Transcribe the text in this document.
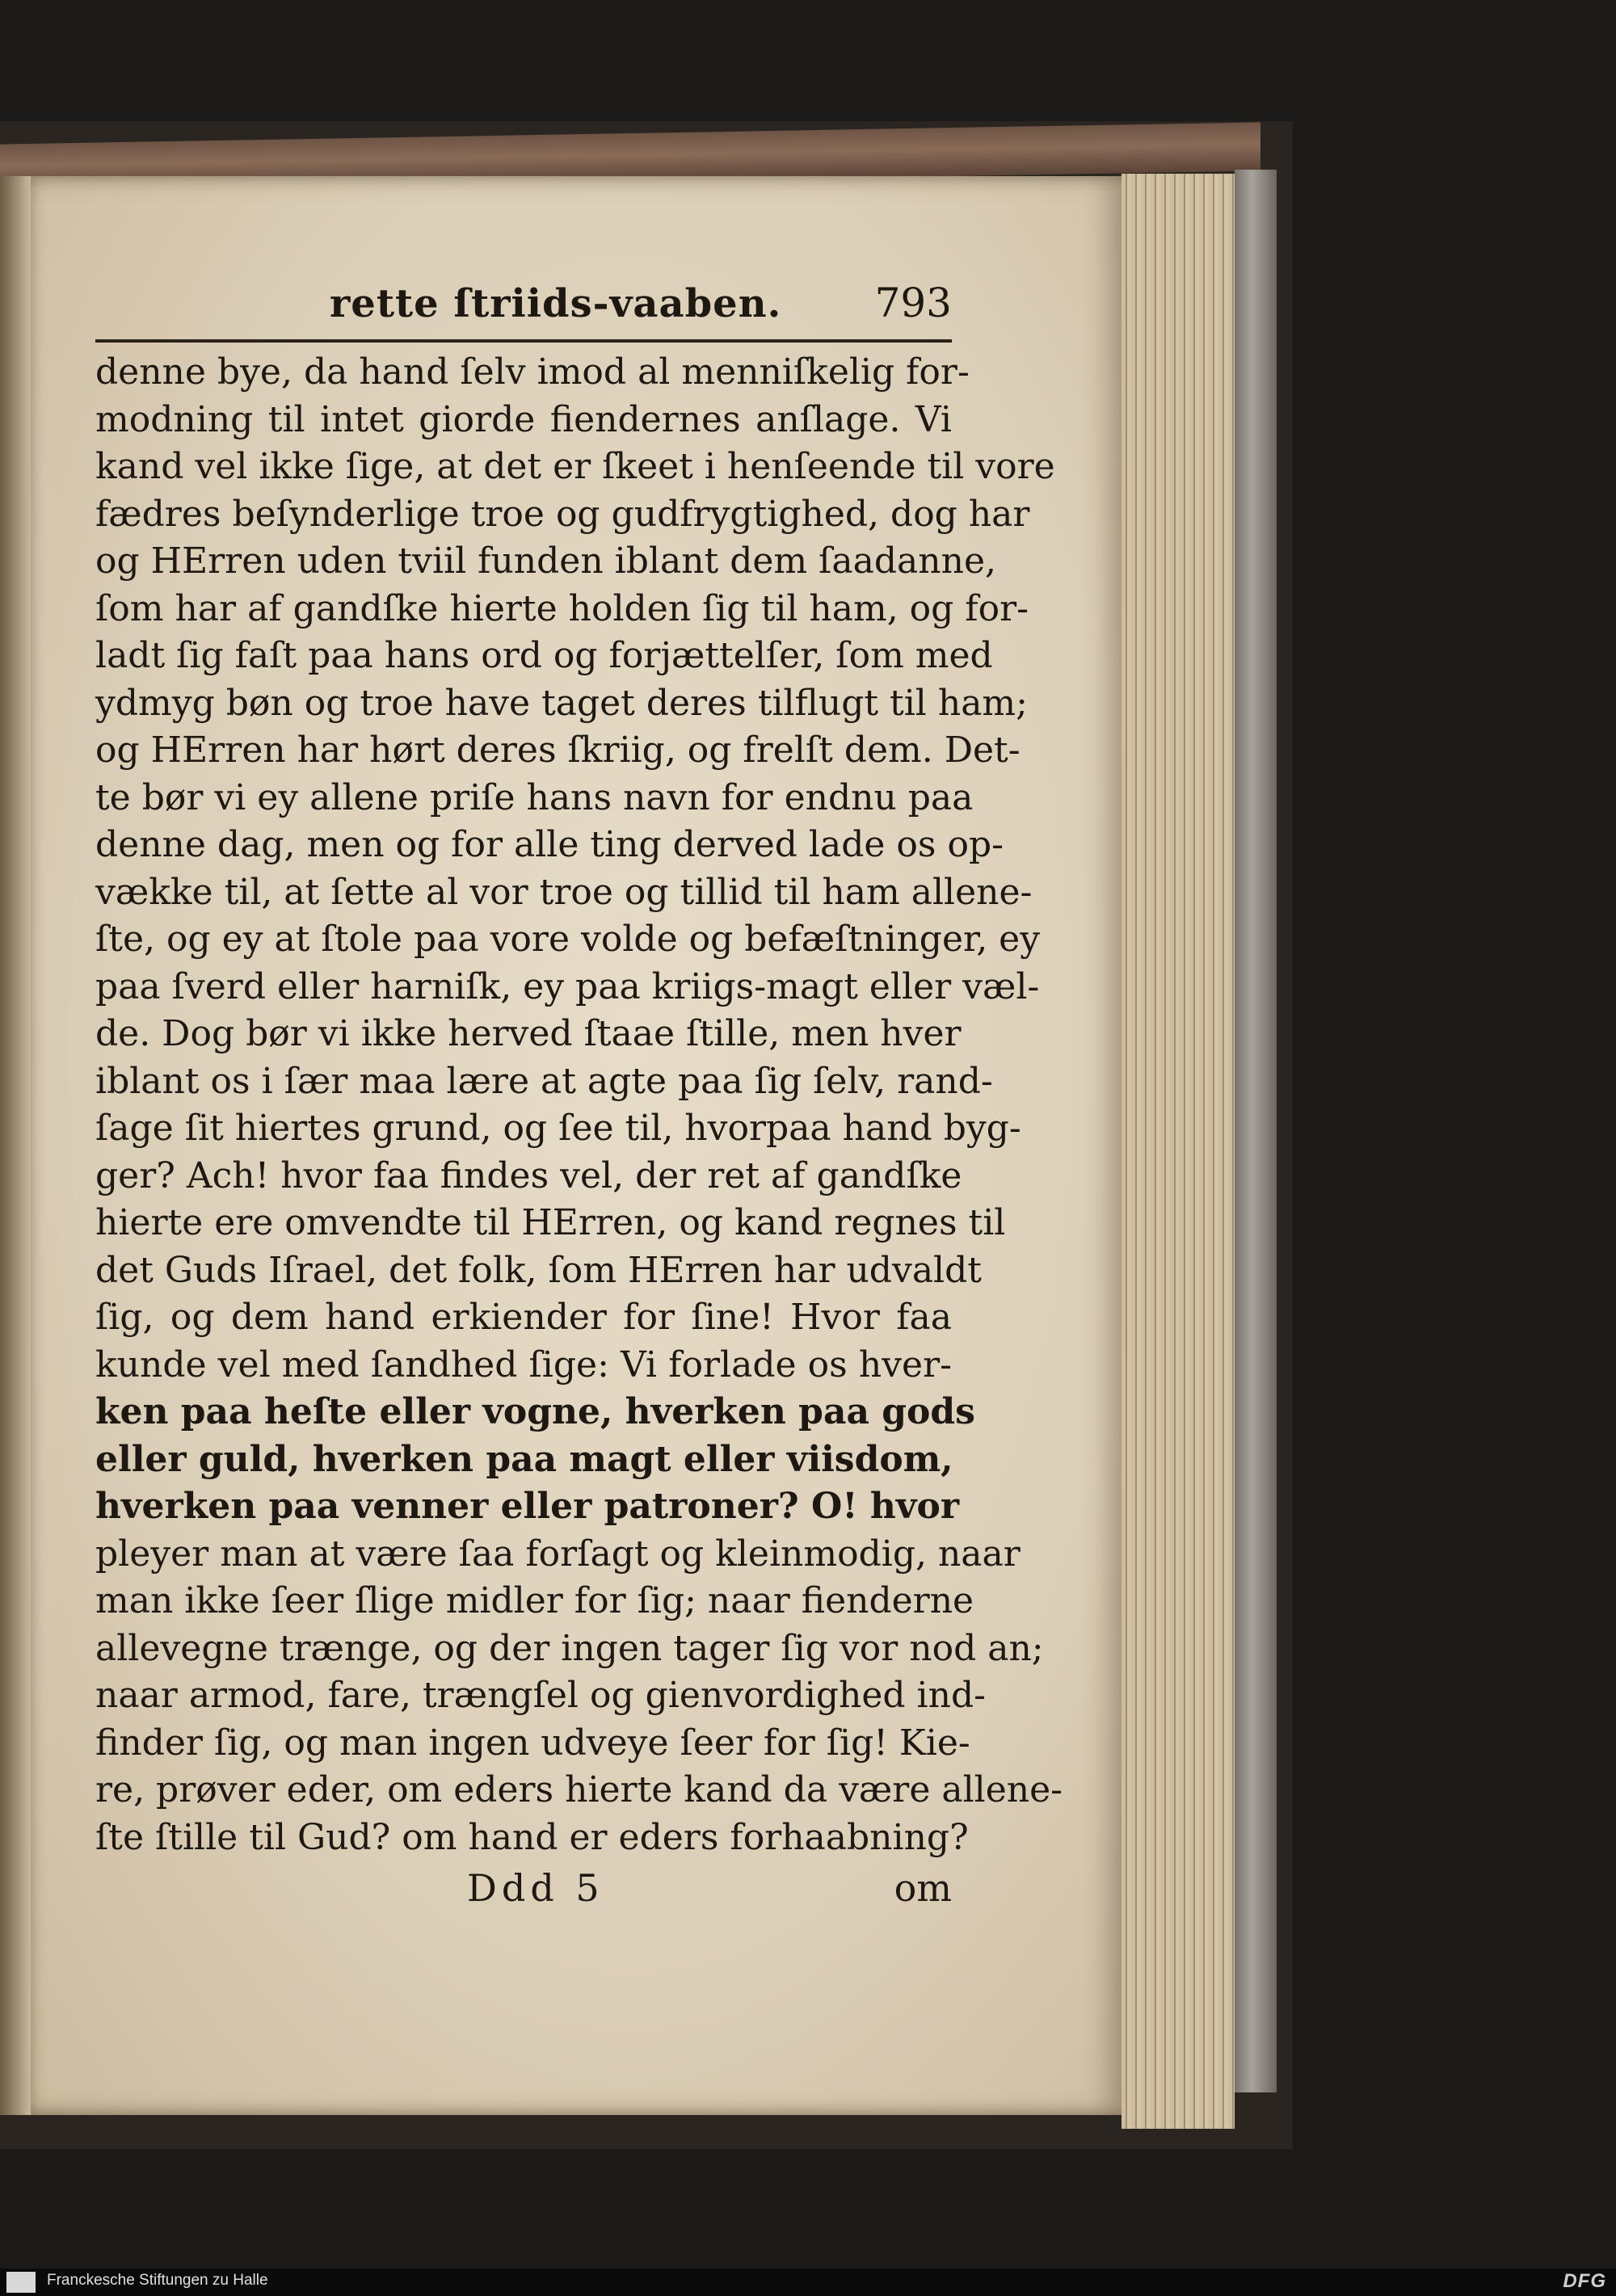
rette ſtriids-vaaben. 793
denne bye, da hand ſelv imod al menniſkelig for-
modning til intet giorde fiendernes anſlage. Vi
kand vel ikke ſige, at det er ſkeet i henſeende til vore
fædres beſynderlige troe og gudfrygtighed, dog har
og HErren uden tviil funden iblant dem ſaadanne,
ſom har af gandſke hierte holden ſig til ham, og for-
ladt ſig faſt paa hans ord og forjættelſer, ſom med
ydmyg bøn og troe have taget deres tilflugt til ham;
og HErren har hørt deres ſkriig, og frelſt dem. Det-
te bør vi ey allene priſe hans navn for endnu paa
denne dag, men og for alle ting derved lade os op-
vække til, at ſette al vor troe og tillid til ham allene-
ſte, og ey at ſtole paa vore volde og befæſtninger, ey
paa ſverd eller harniſk, ey paa kriigs-magt eller væl-
de. Dog bør vi ikke herved ſtaae ſtille, men hver
iblant os i ſær maa lære at agte paa ſig ſelv, rand-
ſage ſit hiertes grund, og ſee til, hvorpaa hand byg-
ger? Ach! hvor faa findes vel, der ret af gandſke
hierte ere omvendte til HErren, og kand regnes til
det Guds Iſrael, det folk, ſom HErren har udvaldt
ſig, og dem hand erkiender for ſine! Hvor faa
kunde vel med ſandhed ſige: Vi forlade os hver-
ken paa heſte eller vogne, hverken paa gods
eller guld, hverken paa magt eller viisdom,
hverken paa venner eller patroner? O! hvor
pleyer man at være ſaa forſagt og kleinmodig, naar
man ikke ſeer ſlige midler for ſig; naar fienderne
allevegne trænge, og der ingen tager ſig vor nod an;
naar armod, fare, trængſel og gienvordighed ind-
finder ſig, og man ingen udveye ſeer for ſig! Kie-
re, prøver eder, om eders hierte kand da være allene-
ſte ſtille til Gud? om hand er eders forhaabning?
Ddd 5	om
Franckesche Stiftungen zu Halle	DFG
